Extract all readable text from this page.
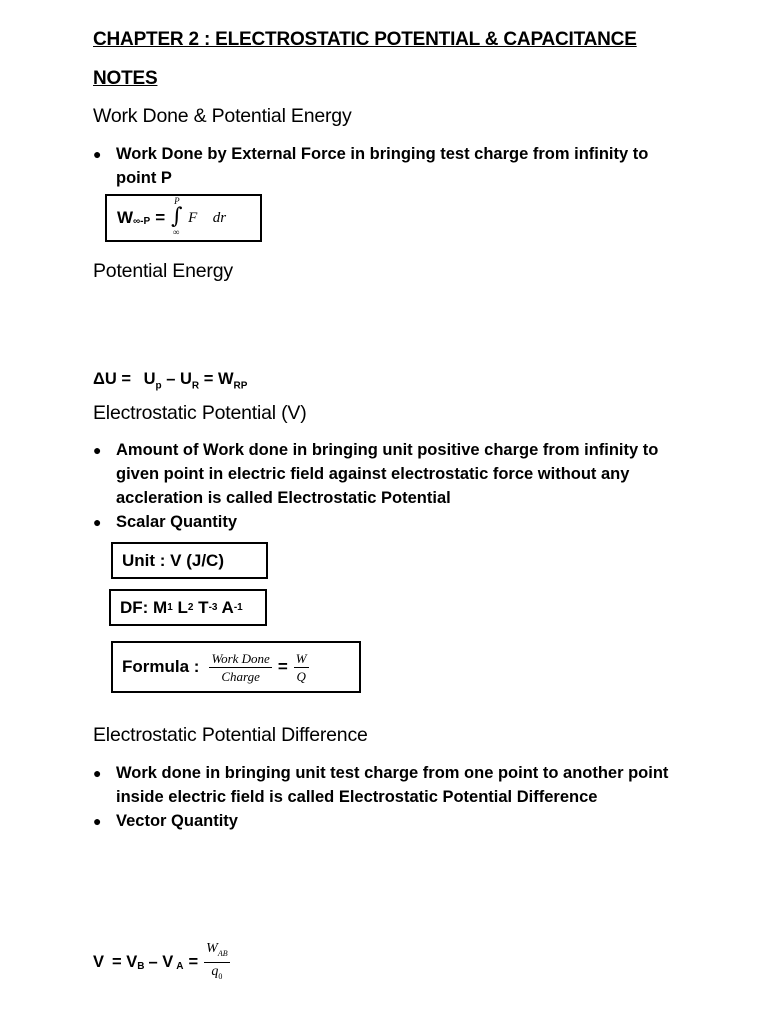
CHAPTER 2 : ELECTROSTATIC POTENTIAL & CAPACITANCE
NOTES
Work Done & Potential Energy
● Work Done by External Force in bringing test charge from infinity to point P
$W_{\infty-P}$ =
P
∫
∞
F⃗ dr⃗
Potential Energy
$\Delta U = U_p - U_R = W_{RP}$
Electrostatic Potential (V)
● Amount of Work done in bringing unit positive charge from infinity to given point in electric field against electrostatic force without any accleration is called Electrostatic Potential
● Scalar Quantity
Unit : V (J/C)
DF: M 1 L 2 T -3 A -1
Formula : $\frac{\text{Work Done}}{\text{Charge}} = \frac{W}{Q}$
Electrostatic Potential Difference
● Work done in bringing unit test charge from one point to another point inside electric field is called Electrostatic Potential Difference
● Vector Quantity
$V = V_B - V$ $_A = \frac{W_{AB}}{q_0}$
